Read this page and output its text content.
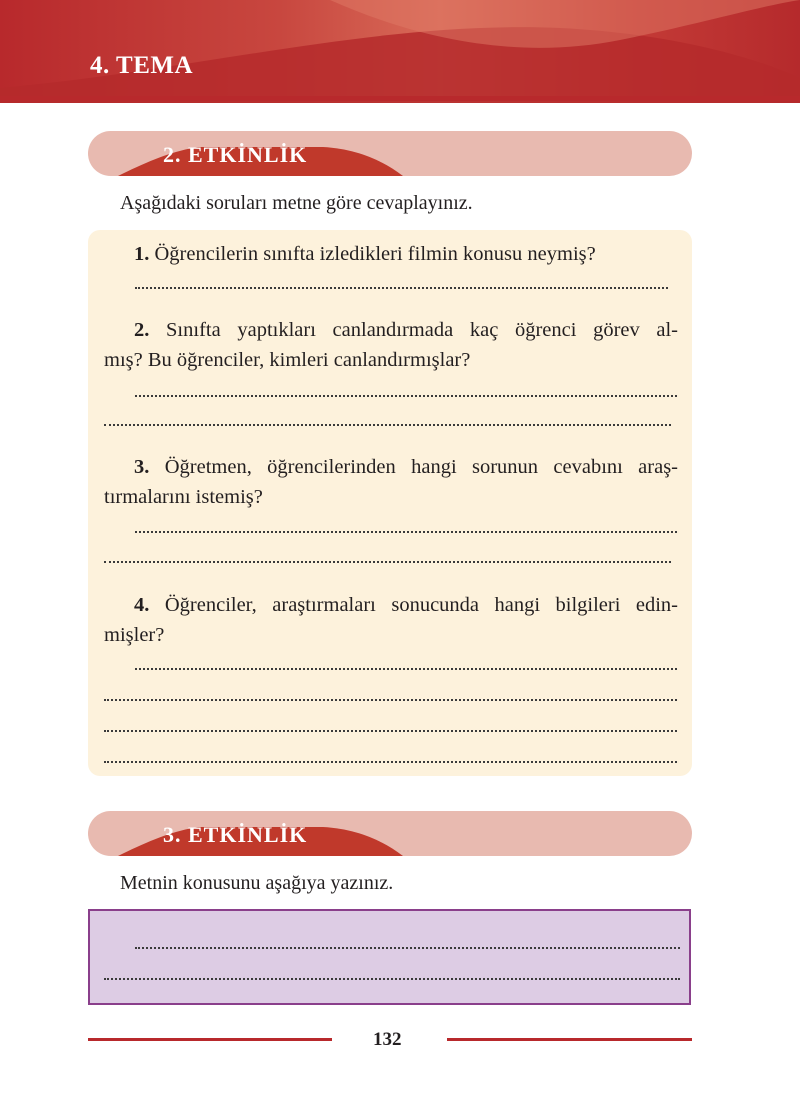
4. TEMA
2. ETKİNLİK
Aşağıdaki soruları metne göre cevaplayınız.
1. Öğrencilerin sınıfta izledikleri filmin konusu neymiş?
2. Sınıfta yaptıkları canlandırmada kaç öğrenci görev al-
mış? Bu öğrenciler, kimleri canlandırmışlar?
3. Öğretmen, öğrencilerinden hangi sorunun cevabını araş-
tırmalarını istemiş?
4. Öğrenciler, araştırmaları sonucunda hangi bilgileri edin-
mişler?
3. ETKİNLİK
Metnin konusunu aşağıya yazınız.
132
